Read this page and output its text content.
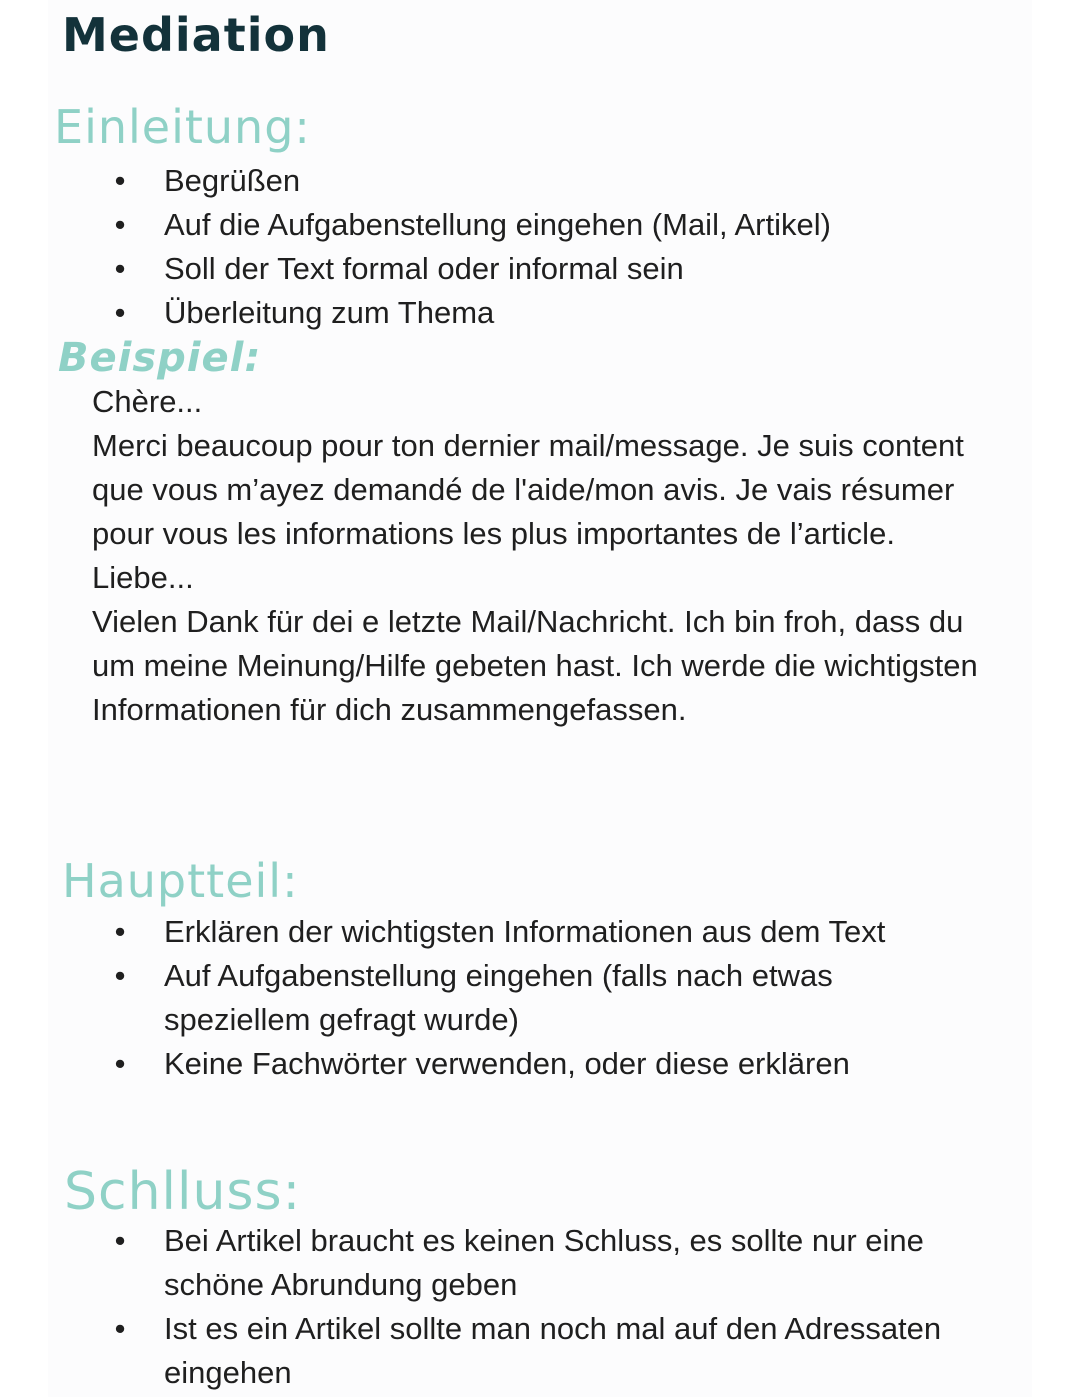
Mediation
Einleitung:
• Begrüßen
• Auf die Aufgabenstellung eingehen (Mail, Artikel)
• Soll der Text formal oder informal sein
• Überleitung zum Thema
Beispiel:

Chère...

Merci beaucoup pour ton dernier mail/message. Je suis content que vous m’ayez demandé de l'aide/mon avis. Je vais résumer pour vous les informations les plus importantes de l’article.

Liebe...

Vielen Dank für dei e letzte Mail/Nachricht. Ich bin froh, dass du um meine Meinung/Hilfe gebeten hast. Ich werde die wichtigsten Informationen für dich zusammengefassen.

Hauptteil:
• Erklären der wichtigsten Informationen aus dem Text
• Auf Aufgabenstellung eingehen (falls nach etwas speziellem gefragt wurde)
• Keine Fachwörter verwenden, oder diese erklären
Schlluss:
• Bei Artikel braucht es keinen Schluss, es sollte nur eine schöne Abrundung geben
• Ist es ein Artikel sollte man noch mal auf den Adressaten eingehen
